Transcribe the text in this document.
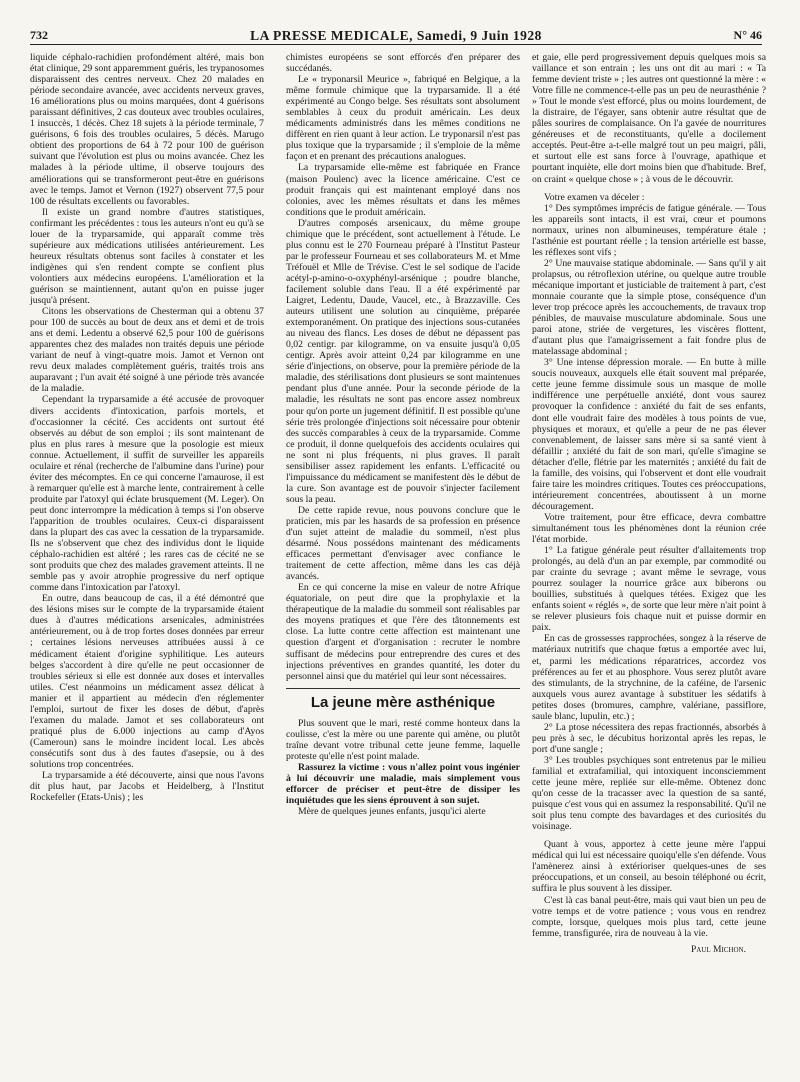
732	LA PRESSE MEDICALE, Samedi, 9 Juin 1928	N° 46

liquide céphalo-rachidien profondément altéré, mais bon état clinique, 29 sont apparemment guéris, les trypanosomes disparaissent des centres nerveux. Chez 20 malades en période secondaire avancée, avec accidents nerveux graves, 16 améliorations plus ou moins marquées, dont 4 guérisons paraissant définitives, 2 cas douteux avec troubles oculaires, 1 insuccès, 1 décès. Chez 18 sujets à la période terminale, 7 guérisons, 6 fois des troubles oculaires, 5 décès. Marugo obtient des proportions de 64 à 72 pour 100 de guérison suivant que l'évolution est plus ou moins avancée. Chez les malades à la période ultime, il observe toujours des améliorations qui se transformeront peut-être en guérisons avec le temps. Jamot et Vernon (1927) observent 77,5 pour 100 de résultats excellents ou favorables.

Il existe un grand nombre d'autres statistiques, confirmant les précédentes : tous les auteurs n'ont eu qu'à se louer de la tryparsamide, qui apparaît comme très supérieure aux médications utilisées antérieurement. Les heureux résultats obtenus sont faciles à constater et les indigènes qui s'en rendent compte se confient plus volontiers aux médecins européens. L'amélioration et la guérison se maintiennent, autant qu'on en puisse juger jusqu'à présent.

Citons les observations de Chesterman qui a obtenu 37 pour 100 de succès au bout de deux ans et demi et de trois ans et demi. Ledentu a observé 62,5 pour 100 de guérisons apparentes chez des malades non traités depuis une période variant de neuf à vingt-quatre mois. Jamot et Vernon ont revu deux malades complètement guéris, traités trois ans auparavant ; l'un avait été soigné à une période très avancée de la maladie.

Cependant la tryparsamide a été accusée de provoquer divers accidents d'intoxication, parfois mortels, et d'occasionner la cécité. Ces accidents ont surtout été observés au début de son emploi ; ils sont maintenant de plus en plus rares à mesure que la posologie est mieux connue. Actuellement, il suffit de surveiller les appareils oculaire et rénal (recherche de l'albumine dans l'urine) pour éviter des mécomptes. En ce qui concerne l'amaurose, il est à remarquer qu'elle est à marche lente, contrairement à celle produite par l'atoxyl qui éclate brusquement (M. Leger). On peut donc interrompre la médication à temps si l'on observe l'apparition de troubles oculaires. Ceux-ci disparaissent dans la plupart des cas avec la cessation de la tryparsamide. Ils ne s'observent que chez des individus dont le liquide céphalo-rachidien est altéré ; les rares cas de cécité ne se sont produits que chez des malades gravement atteints. Il ne semble pas y avoir atrophie progressive du nerf optique comme dans l'intoxication par l'atoxyl.

En outre, dans beaucoup de cas, il a été démontré que des lésions mises sur le compte de la tryparsamide étaient dues à d'autres médications arsenicales, administrées antérieurement, ou à de trop fortes doses données par erreur ; certaines lésions nerveuses attribuées aussi à ce médicament étaient d'origine syphilitique. Les auteurs belges s'accordent à dire qu'elle ne peut occasionner de troubles sérieux si elle est donnée aux doses et intervalles utiles. C'est néanmoins un médicament assez délicat à manier et il appartient au médecin d'en réglementer l'emploi, surtout de fixer les doses de début, d'après l'examen du malade. Jamot et ses collaborateurs ont pratiqué plus de 6.000 injections au camp d'Ayos (Cameroun) sans le moindre incident local. Les abcès consécutifs sont dus à des fautes d'asepsie, ou à des solutions trop concentrées.

La tryparsamide a été découverte, ainsi que nous l'avons dit plus haut, par Jacobs et Heidelberg, à l'Institut Rockefeller (Etats-Unis) ; les

chimistes européens se sont efforcés d'en préparer des succédanés.

Le « tryponarsil Meurice », fabriqué en Belgique, a la même formule chimique que la tryparsamide. Il a été expérimenté au Congo belge. Ses résultats sont absolument semblables à ceux du produit américain. Les deux médicaments administrés dans les mêmes conditions ne diffèrent en rien quant à leur action. Le tryponarsil n'est pas plus toxique que la tryparsamide ; il s'emploie de la même façon et en prenant des précautions analogues.

La tryparsamide elle-même est fabriquée en France (maison Poulenc) avec la licence américaine. C'est ce produit français qui est maintenant employé dans nos colonies, avec les mêmes résultats et dans les mêmes conditions que le produit américain.

D'autres composés arsenicaux, du même groupe chimique que le précédent, sont actuellement à l'étude. Le plus connu est le 270 Fourneau préparé à l'Institut Pasteur par le professeur Fourneau et ses collaborateurs M. et Mme Tréfouël et Mlle de Trévise. C'est le sel sodique de l'acide acétyl-p-amino-o-oxyphényl-arsénique ; poudre blanche, facilement soluble dans l'eau. Il a été expérimenté par Laigret, Ledentu, Daude, Vaucel, etc., à Brazzaville. Ces auteurs utilisent une solution au cinquième, préparée extemporanément. On pratique des injections sous-cutanées au niveau des flancs. Les doses de début ne dépassent pas 0,02 centigr. par kilogramme, on va ensuite jusqu'à 0,05 centigr. Après avoir atteint 0,24 par kilogramme en une série d'injections, on observe, pour la première période de la maladie, des stérilisations dont plusieurs se sont maintenues pendant plus d'une année. Pour la seconde période de la maladie, les résultats ne sont pas encore assez nombreux pour qu'on porte un jugement définitif. Il est possible qu'une série très prolongée d'injections soit nécessaire pour obtenir des succès comparables à ceux de la tryparsamide. Comme ce produit, il donne quelquefois des accidents oculaires qui ne sont ni plus fréquents, ni plus graves. Il paraît sensibiliser assez rapidement les enfants. L'efficacité ou l'impuissance du médicament se manifestent dès le début de la cure. Son avantage est de pouvoir s'injecter facilement sous la peau.

De cette rapide revue, nous pouvons conclure que le praticien, mis par les hasards de sa profession en présence d'un sujet atteint de maladie du sommeil, n'est plus désarmé. Nous possédons maintenant des médicaments efficaces permettant d'envisager avec confiance le traitement de cette affection, même dans les cas déjà avancés.

En ce qui concerne la mise en valeur de notre Afrique équatoriale, on peut dire que la prophylaxie et la thérapeutique de la maladie du sommeil sont réalisables par des moyens pratiques et que l'ère des tâtonnements est close. La lutte contre cette affection est maintenant une question d'argent et d'organisation : recruter le nombre suffisant de médecins pour entreprendre des cures et des injections préventives en grandes quantité, les doter du personnel ainsi que du matériel qui leur sont nécessaires.

La jeune mère asthénique

Plus souvent que le mari, resté comme honteux dans la coulisse, c'est la mère ou une parente qui amène, ou plutôt traîne devant votre tribunal cette jeune femme, laquelle proteste qu'elle n'est point malade.

Rassurez la victime : vous n'allez point vous ingénier à lui découvrir une maladie, mais simplement vous efforcer de préciser et peut-être de dissiper les inquiétudes que les siens éprouvent à son sujet.

Mère de quelques jeunes enfants, jusqu'ici alerte

et gaie, elle perd progressivement depuis quelques mois sa vaillance et son entrain ; les uns ont dit au mari : « Ta femme devient triste » ; les autres ont questionné la mère : « Votre fille ne commence-t-elle pas un peu de neurasthénie ? » Tout le monde s'est efforcé, plus ou moins lourdement, de la distraire, de l'égayer, sans obtenir autre résultat que de pâles sourires de complaisance. On l'a gavée de nourritures généreuses et de reconstituants, qu'elle a docilement acceptés. Peut-être a-t-elle malgré tout un peu maigri, pâli, et surtout elle est sans force à l'ouvrage, apathique et pourtant inquiète, elle dort moins bien que d'habitude. Bref, on craint « quelque chose » ; à vous de le découvrir.

Votre examen va déceler :

1° Des symptômes imprécis de fatigue générale. — Tous les appareils sont intacts, il est vrai, cœur et poumons normaux, urines non albumineuses, température étale ; l'asthénie est pourtant réelle ; la tension artérielle est basse, les réflexes sont vifs ;

2° Une mauvaise statique abdominale. — Sans qu'il y ait prolapsus, ou rétroflexion utérine, ou quelque autre trouble mécanique important et justiciable de traitement à part, c'est monnaie courante que la simple ptose, conséquence d'un lever trop précoce après les accouchements, de travaux trop pénibles, de mauvaise musculature abdominale. Sous une paroi atone, striée de vergetures, les viscères flottent, d'autant plus que l'amaigrissement a fait fondre plus de matelassage abdominal ;

3° Une intense dépression morale. — En butte à mille soucis nouveaux, auxquels elle était souvent mal préparée, cette jeune femme dissimule sous un masque de molle indifférence une perpétuelle anxiété, dont vous saurez provoquer la confidence : anxiété du fait de ses enfants, dont elle voudrait faire des modèles à tous points de vue, physiques et moraux, et qu'elle a peur de ne pas élever convenablement, de laisser sans mère si sa santé vient à défaillir ; anxiété du fait de son mari, qu'elle s'imagine se détacher d'elle, flétrie par les maternités ; anxiété du fait de la famille, des voisins, qui l'observent et dont elle voudrait faire taire les moindres critiques. Toutes ces préoccupations, intérieurement concentrées, aboutissent à un morne découragement.

Votre traitement, pour être efficace, devra combattre simultanément tous les phénomènes dont la réunion crée l'état morbide.

1° La fatigue générale peut résulter d'allaitements trop prolongés, au delà d'un an par exemple, par commodité ou par crainte du sevrage ; avant même le sevrage, vous pourrez soulager la nourrice grâce aux biberons ou bouillies, substitués à quelques tétées. Exigez que les enfants soient « réglés », de sorte que leur mère n'ait point à se relever plusieurs fois chaque nuit et puisse dormir en paix.

En cas de grossesses rapprochées, songez à la réserve de matériaux nutritifs que chaque fœtus a emportée avec lui, et, parmi les médications réparatrices, accordez vos préférences au fer et au phosphore. Vous serez plutôt avare des stimulants, de la strychnine, de la caféine, de l'arsenic auxquels vous aurez avantage à substituer les sédatifs à petites doses (bromures, camphre, valériane, passiflore, saule blanc, lupulin, etc.) ;

2° La ptose nécessitera des repas fractionnés, absorbés à peu près à sec, le décubitus horizontal après les repas, le port d'une sangle ;

3° Les troubles psychiques sont entretenus par le milieu familial et extrafamilial, qui intoxiquent inconsciemment cette jeune mère, repliée sur elle-même. Obtenez donc qu'on cesse de la tracasser avec la question de sa santé, puisque c'est vous qui en assumez la responsabilité. Qu'il ne soit plus tenu compte des bavardages et des curiosités du voisinage.

Quant à vous, apportez à cette jeune mère l'appui médical qui lui est nécessaire quoiqu'elle s'en défende. Vous l'amènerez ainsi à extérioriser quelques-unes de ses préoccupations, et un conseil, au besoin téléphoné ou écrit, suffira le plus souvent à les dissiper.

C'est là cas banal peut-être, mais qui vaut bien un peu de votre temps et de votre patience ; vous vous en rendrez compte, lorsque, quelques mois plus tard, cette jeune femme, transfigurée, rira de nouveau à la vie.

Paul Michon.
